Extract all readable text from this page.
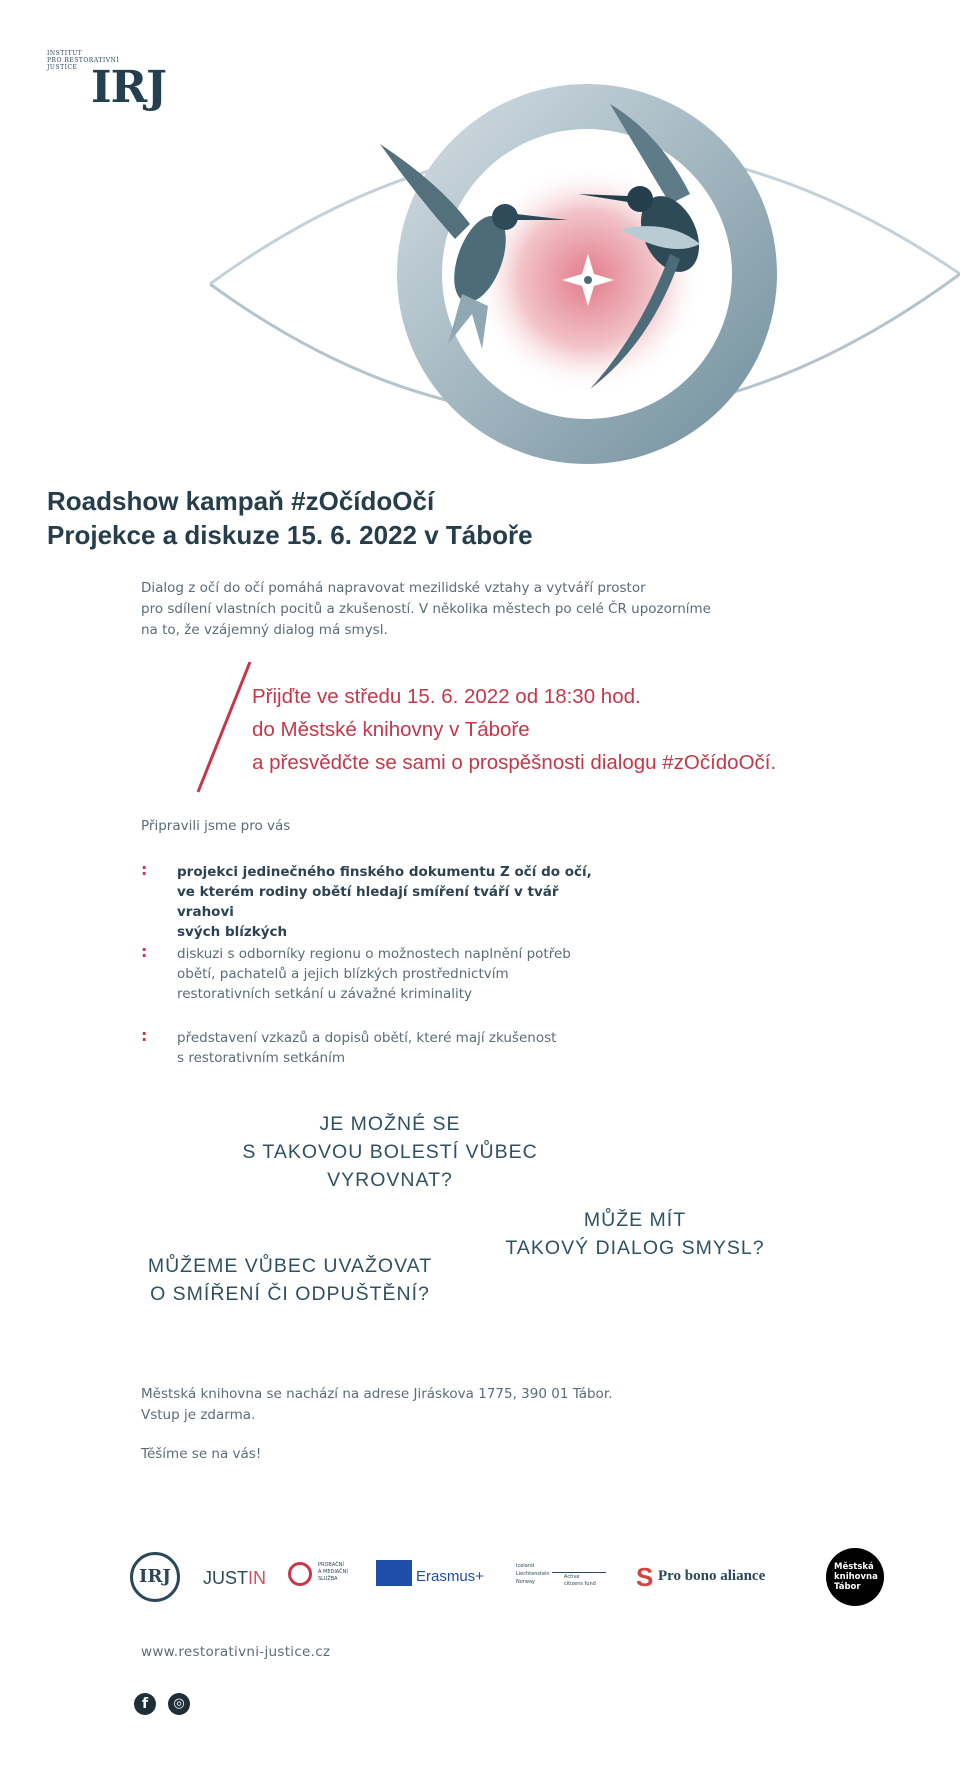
INSTITUT
PRO RESTORATIVNÍ
JUSTICE IRJ
Roadshow kampaň #zOčídoOčí
Projekce a diskuze 15. 6. 2022 v Táboře
Dialog z očí do očí pomáhá napravovat mezilidské vztahy a vytváří prostor
pro sdílení vlastních pocitů a zkušeností. V několika městech po celé ČR upozorníme
na to, že vzájemný dialog má smysl.
Přijďte ve středu 15. 6. 2022 od 18:30 hod.
do Městské knihovny v Táboře
a přesvědčte se sami o prospěšnosti dialogu #zOčídoOčí.
Připravili jsme pro vás
: projekci jedinečného finského dokumentu Z očí do očí,
ve kterém rodiny obětí hledají smíření tváří v tvář vrahovi
svých blízkých
: diskuzi s odborníky regionu o možnostech naplnění potřeb
obětí, pachatelů a jejich blízkých prostřednictvím
restorativních setkání u závažné kriminality
: představení vzkazů a dopisů obětí, které mají zkušenost
s restorativním setkáním
JE MOŽNÉ SE
S TAKOVOU BOLESTÍ VŮBEC
VYROVNAT?
MŮŽE MÍT
TAKOVÝ DIALOG SMYSL?
MŮŽEME VŮBEC UVAŽOVAT
O SMÍŘENÍ ČI ODPUŠTĚNÍ?
Městská knihovna se nachází na adrese Jiráskova 1775, 390 01 Tábor.
Vstup je zdarma.
Těšíme se na vás!
IRJ	JUSTIN
PROBAČNÍ
A MEDIAČNÍ
SLUŽBA	Erasmus+
Iceland
Liechtenstein
Norway
Active
citizens fund S Pro bono aliance
Městská
knihovna
Tábor
www.restorativni-justice.cz
f	◎
